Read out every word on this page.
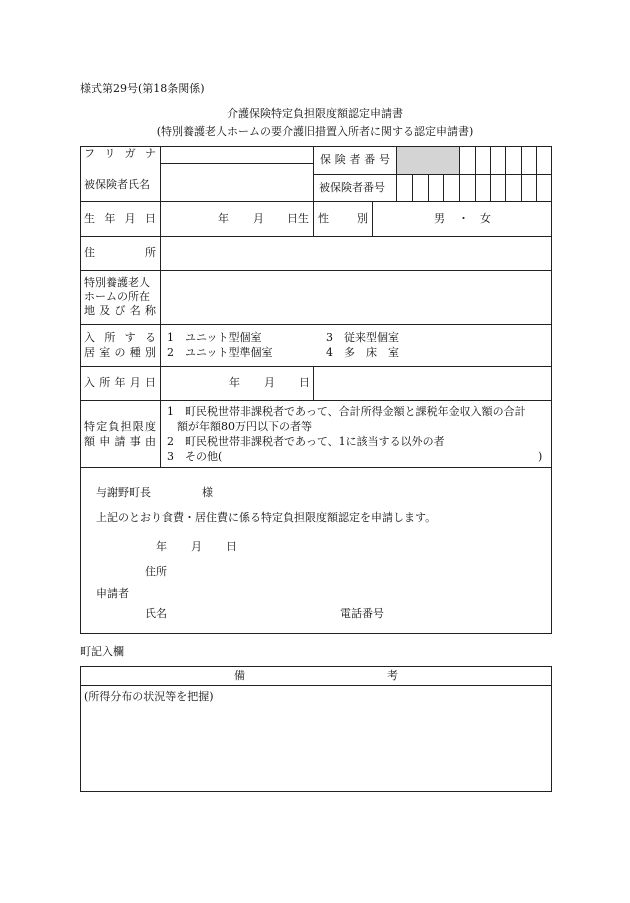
様式第29号(第18条関係)
介護保険特定負担限度額認定申請書
(特別養護老人ホームの要介護旧措置入所者に関する認定申請書)
フ リ ガ ナ
被保険者氏名
保 険 者 番 号
被保険者番号
生 年 月 日	年 月 日生 性	別	男 ・ 女
住	所
特別養護老人
ホームの所在
地 及 び 名 称
入 所 す る
居 室 の 種 別
1　ユニット型個室
2　ユニット型準個室
3　従来型個室
4　多　床　室
入 所 年 月 日	年 月 日
特 定 負 担 限 度
額 申 請 事 由
1　町民税世帯非課税者であって、合計所得金額と課税年金収入額の合計
額が年額80万円以下の者等
2　町民税世帯非課税者であって、1に該当する以外の者
3　その他(	)
与謝野町長	様
上記のとおり食費・居住費に係る特定負担限度額認定を申請します。
年 月 日
住所
申請者
氏名	電話番号
町記入欄
備	考
(所得分布の状況等を把握)
